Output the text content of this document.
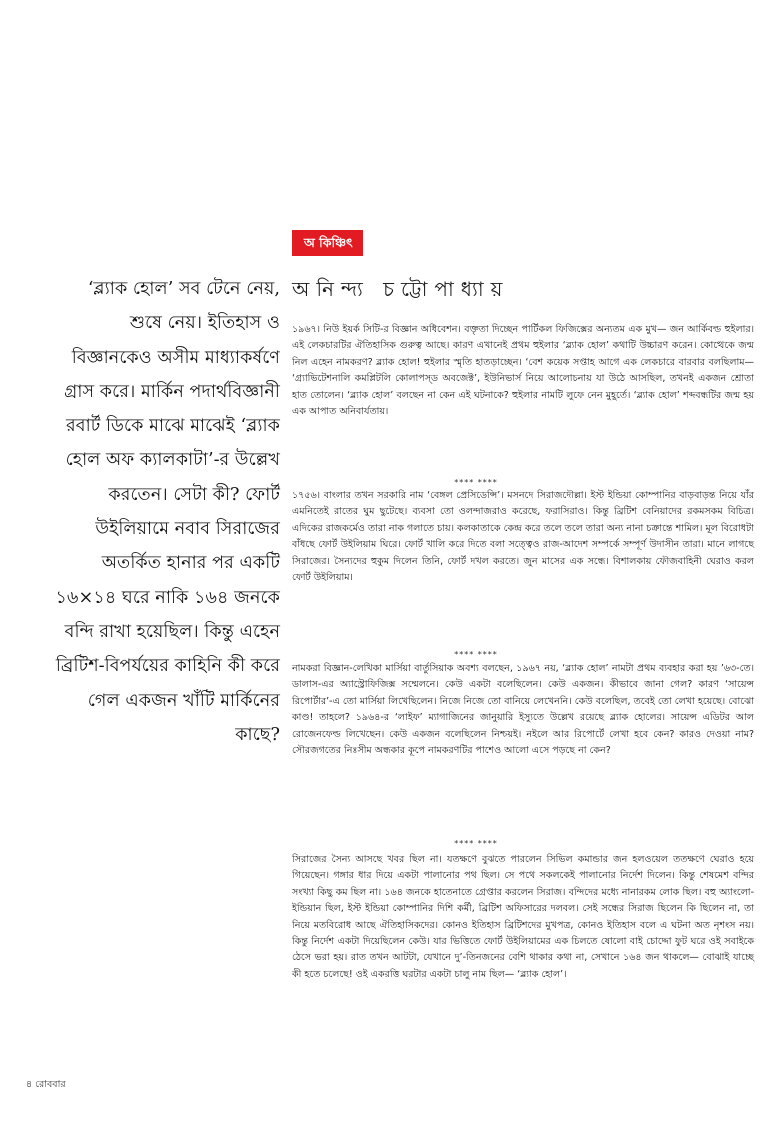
অ কিঞ্চিৎ
অনিন্দ্য চট্টোপাধ্যায়
‘ব্ল্যাক হোল’ সব টেনে নেয়, শুষে নেয়। ইতিহাস ও বিজ্ঞানকেও অসীম মাধ্যাকর্ষণে গ্রাস করে। মার্কিন পদার্থবিজ্ঞানী রবার্ট ডিকে মাঝে মাঝেই ‘ব্ল্যাক হোল অফ ক্যালকাটা’-র উল্লেখ করতেন। সেটা কী? ফোর্ট উইলিয়ামে নবাব সিরাজের অতর্কিত হানার পর একটি ১৬×১৪ ঘরে নাকি ১৬৪ জনকে বন্দি রাখা হয়েছিল। কিন্তু এহেন ব্রিটিশ-বিপর্যয়ের কাহিনি কী করে গেল একজন খাঁটি মার্কিনের কাছে?

১৯৬৭। নিউ ইয়র্ক সিটি-র বিজ্ঞান অধিবেশন। বক্তৃতা দিচ্ছেন পার্টিকল ফিজিক্সের অন্যতম এক মুখ— জন আর্কিবল্ড হুইলার। এই লেকচারটির ঐতিহাসিক গুরুত্ব আছে। কারণ এখানেই প্রথম হুইলার ‘ব্ল্যাক হোল’ কথাটি উচ্চারণ করেন। কোত্থেকে জন্ম নিল এহেন নামকরণ? ব্ল্যাক হোল! হুইলার স্মৃতি হাতড়াচ্ছেন। ‘বেশ কয়েক সপ্তাহ আগে এক লেকচারে বারবার বলছিলাম— ‘গ্র্যাভিটেশনালি কমপ্লিটলি কোলাপস্‌ড অবজেক্ট’, ইউনিভার্স নিয়ে আলোচনায় যা উঠে আসছিল, তখনই একজন শ্রোতা হাত তোলেন। ‘ব্ল্যাক হোল’ বলছেন না কেন এই ঘটনাকে? হুইলার নামটি লুফে নেন মুহূর্তে। ‘ব্ল্যাক হোল’ শব্দবন্ধটির জন্ম হয় এক আপাত অনিবার্যতায়।

**** ****

১৭৫৬। বাংলার তখন সরকারি নাম ‘বেঙ্গল প্রেসিডেন্সি’। মসনদে সিরাজদৌল্লা। ইস্ট ইন্ডিয়া কোম্পানির বাড়বাড়ন্ত নিয়ে যাঁর এমনিতেই রাতের ঘুম ছুটেছে। ব্যবসা তো ওলন্দাজরাও করেছে, ফরাসিরাও। কিন্তু ব্রিটিশ বেনিয়াদের রকমসকম বিচিত্র। এদিকের রাজকর্মেও তারা নাক গলাতে চায়। কলকাতাকে কেন্দ্র করে তলে তলে তারা অন্য নানা চক্রান্তে শামিল। মূল বিরোধটা বাঁধছে ফোর্ট উইলিয়াম ঘিরে। ফোর্ট খালি করে দিতে বলা সত্ত্বেও রাজ-আদেশ সম্পর্কে সম্পূর্ণ উদাসীন তারা। মানে লাগছে সিরাজের। সৈন্যদের হুকুম দিলেন তিনি, ফোর্ট দখল করতে। জুন মাসের এক সন্ধে। বিশালকায় ফৌজবাহিনী ঘেরাও করল ফোর্ট উইলিয়াম।

**** ****

নামকরা বিজ্ঞান-লেখিকা মার্সিয়া বার্তুসিয়াক অবশ্য বলছেন, ১৯৬৭ নয়, ‘ব্ল্যাক হোল’ নামটা প্রথম ব্যবহার করা হয় ’৬৩-তে। ডালাস-এর অ্যাস্ট্রোফিজিক্স সম্মেলনে। কেউ একটা বলেছিলেন। কেউ একজন। কীভাবে জানা গেল? কারণ ‘সায়েন্স রিপোর্টার’-এ তো মার্সিয়া লিখেছিলেন। নিজে নিজে তো বানিয়ে লেখেননি। কেউ বলেছিল, তবেই তো লেখা হয়েছে। বোঝো কাণ্ড! তাহলে? ১৯৬৪-র ‘লাইফ’ ম্যাগাজিনের জানুয়ারি ইস্যুতে উল্লেখ রয়েছে ব্ল্যাক হোলের। সায়েন্স এডিটর আল রোজেনফেল্ড লিখেছেন। কেউ একজন বলেছিলেন নিশ্চয়ই। নইলে আর রিপোর্টে লেখা হবে কেন? কারও দেওয়া নাম? সৌরজগতের নিঃসীম অন্ধকার কূপে নামকরণটির পাশেও আলো এসে পড়ছে না কেন?

**** ****

সিরাজের সৈন্য আসছে খবর ছিল না। যতক্ষণে বুঝতে পারলেন সিভিল কমান্ডার জন হলওয়েল ততক্ষণে ঘেরাও হয়ে গিয়েছেন। গঙ্গার ধার দিয়ে একটা পালানোর পথ ছিল। সে পথে সকলকেই পালানোর নির্দেশ দিলেন। কিন্তু শেষমেশ বন্দির সংখ্যা কিছু কম ছিল না। ১৬৪ জনকে হাতেনাতে গ্রেপ্তার করলেন সিরাজ। বন্দিদের মধ্যে নানারকম লোক ছিল। বহু অ্যাংলো-ইন্ডিয়ান ছিল, ইস্ট ইন্ডিয়া কোম্পানির দিশি কর্মী, ব্রিটিশ অফিসারের দলবল। সেই সন্ধের সিরাজ ছিলেন কি ছিলেন না, তা নিয়ে মতবিরোধ আছে ঐতিহাসিকদের। কোনও ইতিহাস ব্রিটিশদের মুখপত্র, কোনও ইতিহাস বলে এ ঘটনা অত নৃশংস নয়। কিন্তু নির্দেশ একটা দিয়েছিলেন কেউ। যার ভিত্তিতে ফোর্ট উইলিয়ামের এক চিলতে ষোলো বাই চোদ্দো ফুট ঘরে ওই সবাইকে ঠেসে ভরা হয়। রাত তখন আটটা, যেখানে দু’-তিনজনের বেশি থাকার কথা না, সেখানে ১৬৪ জন থাকলে— বোঝাই যাচ্ছে কী হতে চলেছে! ওই একরত্তি ঘরটার একটা চালু নাম ছিল— ‘ব্ল্যাক হোল’।

৪ রোববার
